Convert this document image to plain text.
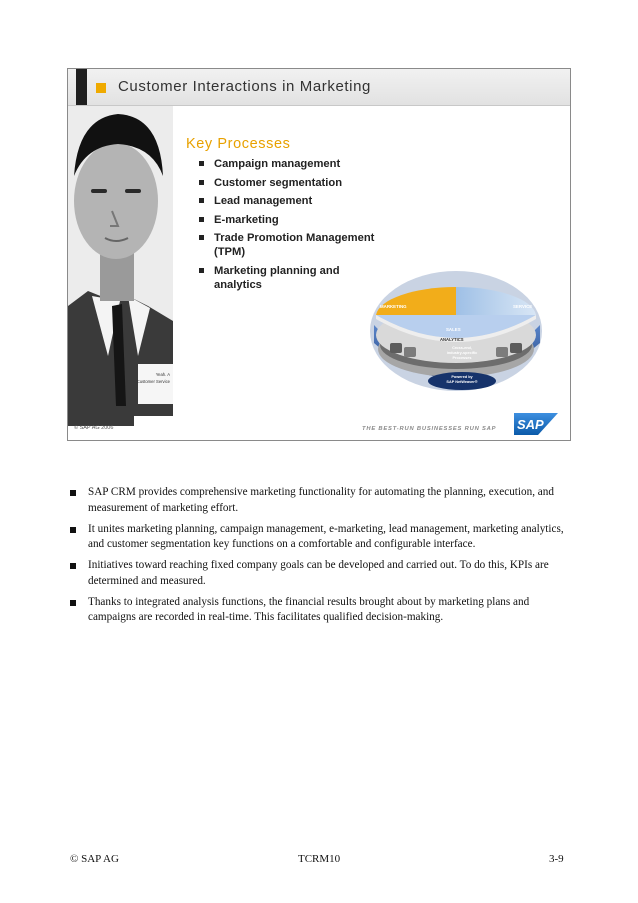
Customer Interactions in Marketing
Yeah. A
Customer Service
Key Processes
Campaign management
Customer segmentation
Lead management
E-marketing
Trade Promotion Management (TPM)
Marketing planning and analytics
MARKETING	SERVICE
SALES
ANALYTICS
Cross-end,
industry-specific
Processes
Powered by
SAP NetWeaver®
© SAP AG 2006	THE BEST-RUN BUSINESSES RUN SAP SAP
SAP CRM provides comprehensive marketing functionality for automating the planning, execution, and measurement of marketing effort.
It unites marketing planning, campaign management, e-marketing, lead management, marketing analytics, and customer segmentation key functions on a comfortable and configurable interface.
Initiatives toward reaching fixed company goals can be developed and carried out. To do this, KPIs are determined and measured.
Thanks to integrated analysis functions, the financial results brought about by marketing plans and campaigns are recorded in real-time. This facilitates qualified decision-making.
© SAP AG	TCRM10	3-9
